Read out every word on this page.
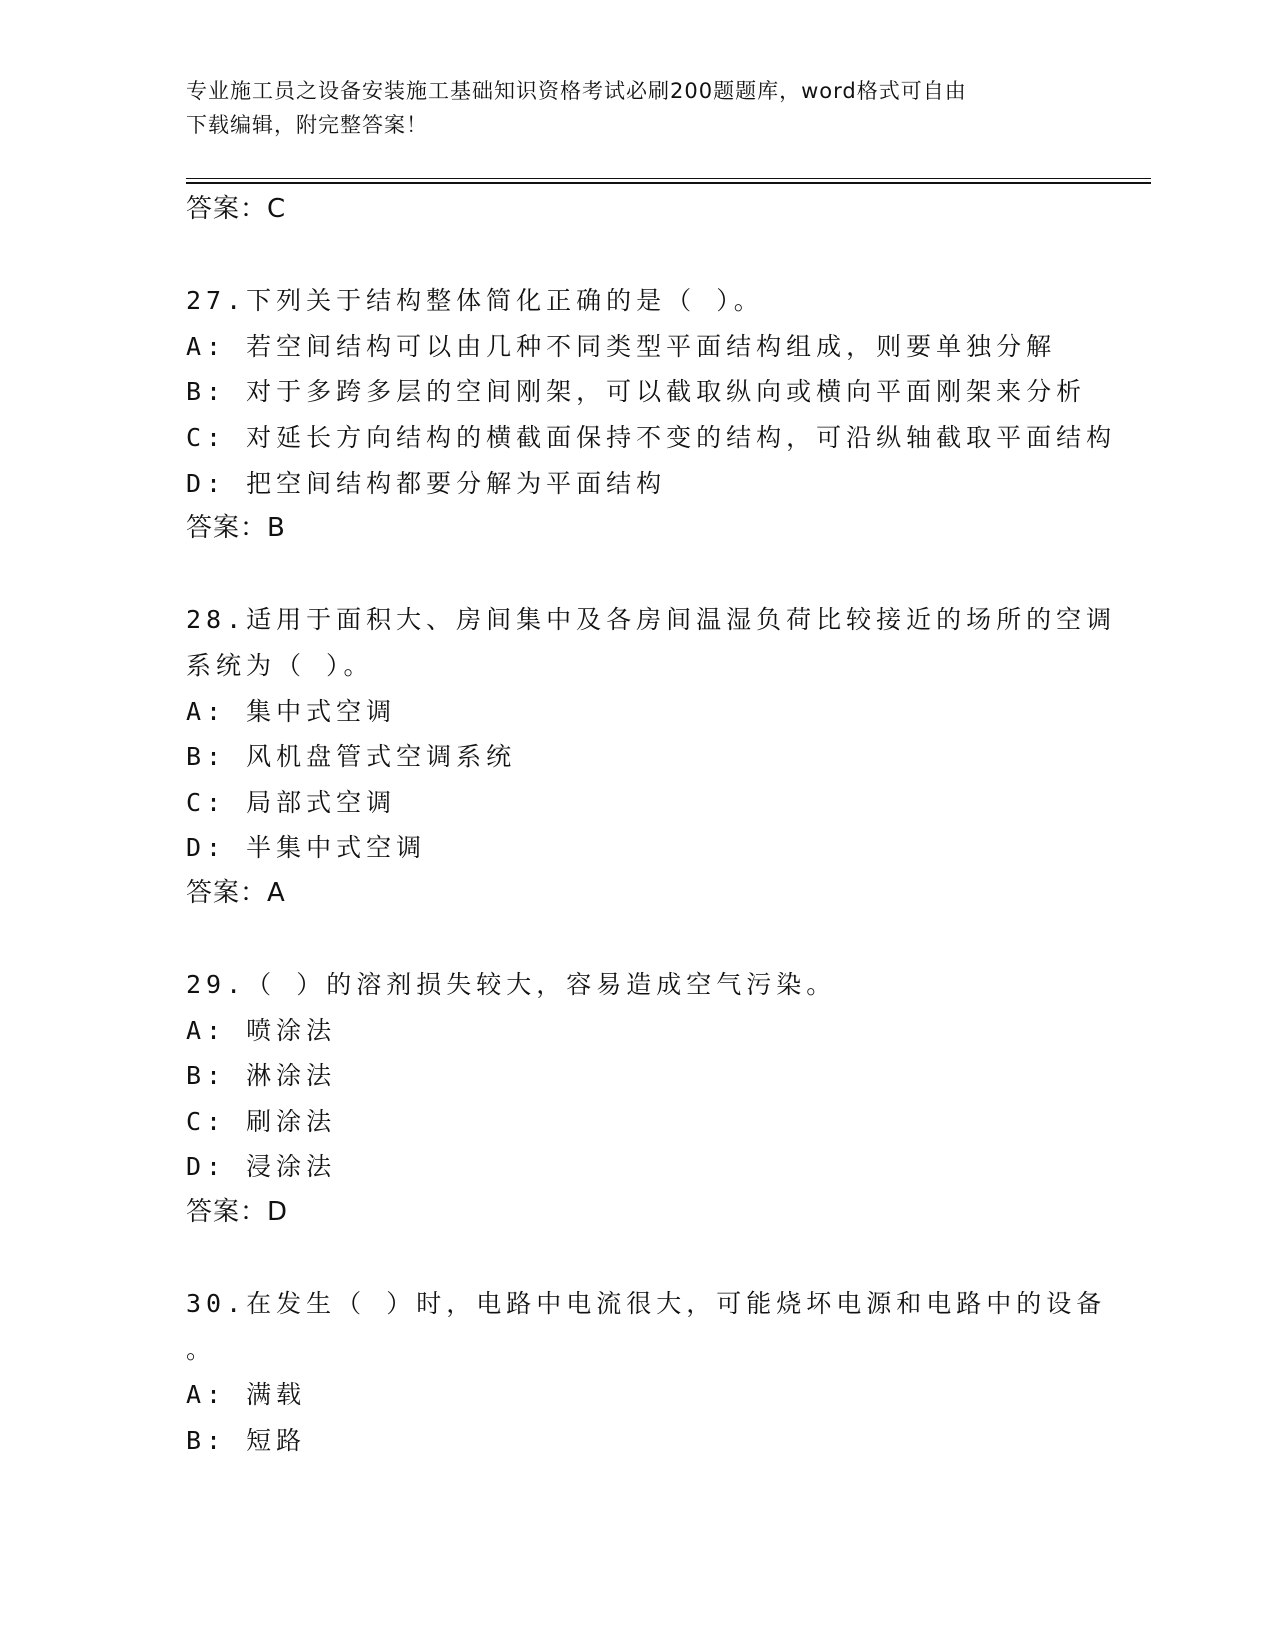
专业施工员之设备安装施工基础知识资格考试必刷200题题库，word格式可自由
下载编辑，附完整答案！
答案：C
27.下列关于结构整体简化正确的是（ ）。
A: 若空间结构可以由几种不同类型平面结构组成，则要单独分解
B: 对于多跨多层的空间刚架，可以截取纵向或横向平面刚架来分析
C: 对延长方向结构的横截面保持不变的结构，可沿纵轴截取平面结构
D: 把空间结构都要分解为平面结构
答案：B
28.适用于面积大、房间集中及各房间温湿负荷比较接近的场所的空调
系统为（ ）。
A: 集中式空调
B: 风机盘管式空调系统
C: 局部式空调
D: 半集中式空调
答案：A
29.（ ）的溶剂损失较大，容易造成空气污染。
A: 喷涂法
B: 淋涂法
C: 刷涂法
D: 浸涂法
答案：D
30.在发生（ ）时，电路中电流很大，可能烧坏电源和电路中的设备
。
A: 满载
B: 短路
